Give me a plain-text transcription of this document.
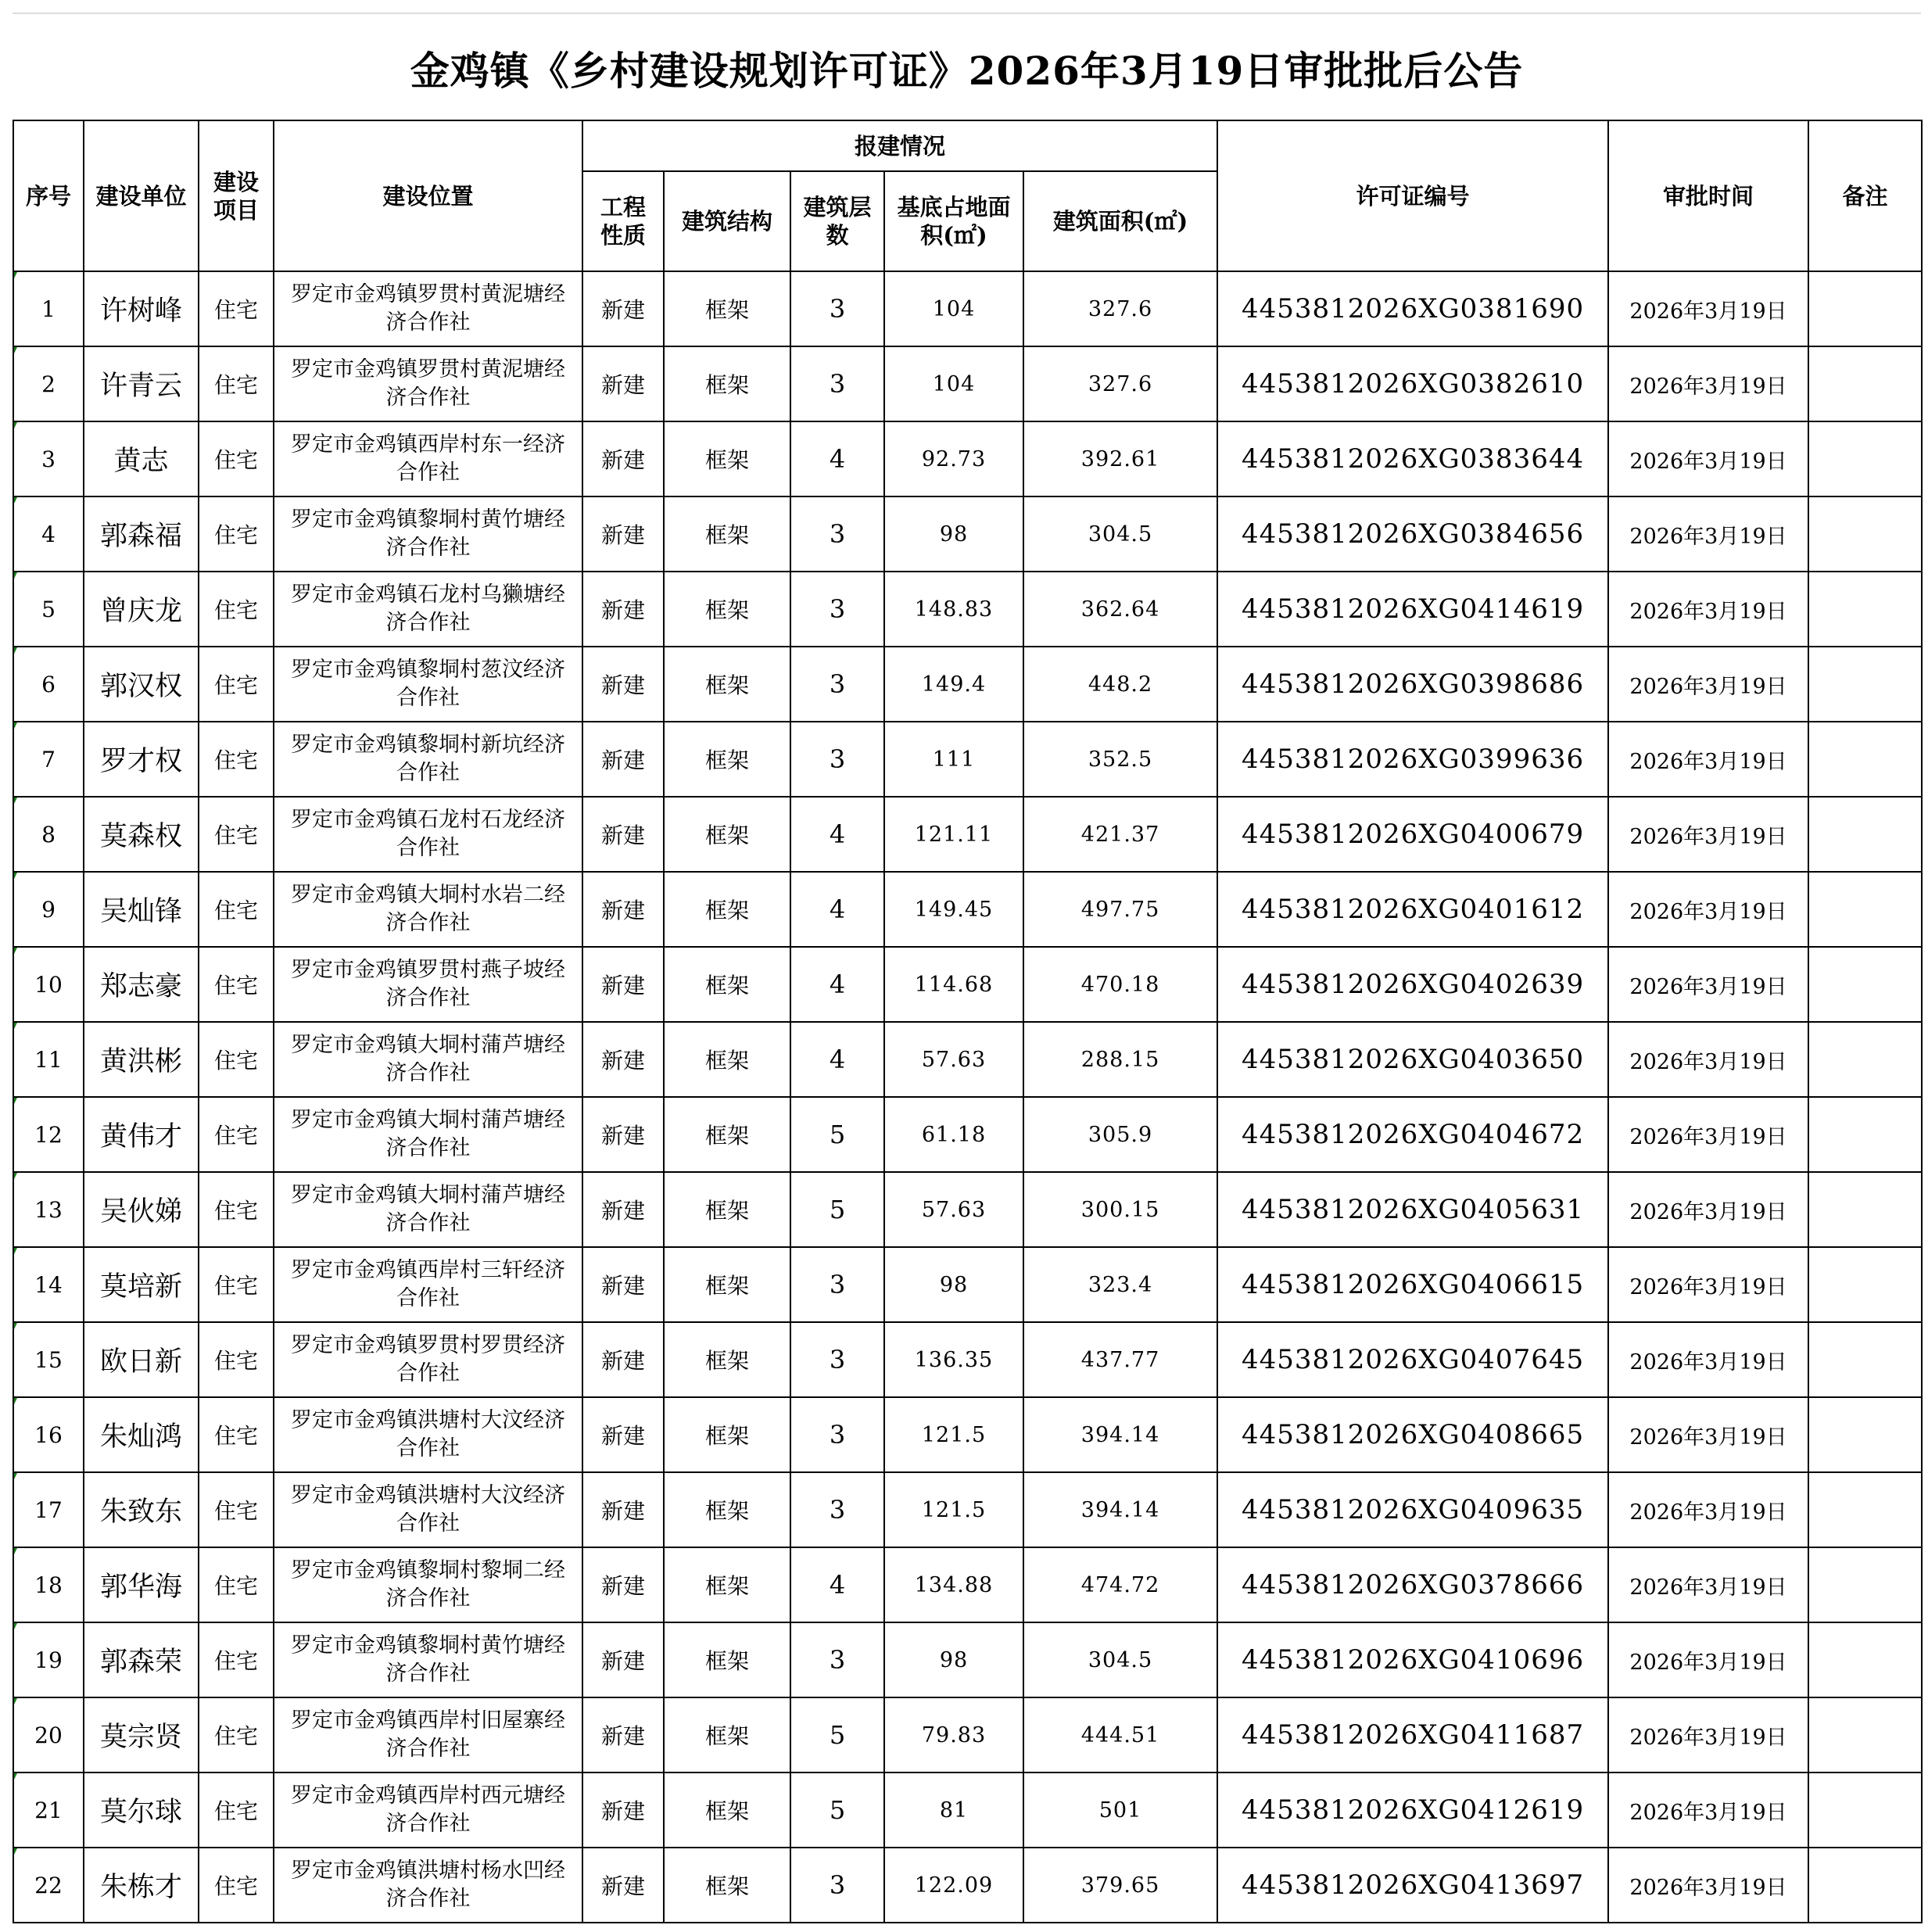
金鸡镇《乡村建设规划许可证》2026年3月19日审批批后公告
序号	建设单位	建设项目	建设位置	报建情况					许可证编号	审批时间	备注
				工程性质	建筑结构	建筑层数	基底占地面积(㎡)	建筑面积(㎡)			
1	许树峰	住宅	罗定市金鸡镇罗贯村黄泥塘经济合作社	新建	框架	3	104	327.6	4453812026XG0381690	2026年3月19日	
2	许青云	住宅	罗定市金鸡镇罗贯村黄泥塘经济合作社	新建	框架	3	104	327.6	4453812026XG0382610	2026年3月19日	
3	黄志	住宅	罗定市金鸡镇西岸村东一经济合作社	新建	框架	4	92.73	392.61	4453812026XG0383644	2026年3月19日	
4	郭森福	住宅	罗定市金鸡镇黎垌村黄竹塘经济合作社	新建	框架	3	98	304.5	4453812026XG0384656	2026年3月19日	
5	曾庆龙	住宅	罗定市金鸡镇石龙村乌獭塘经济合作社	新建	框架	3	148.83	362.64	4453812026XG0414619	2026年3月19日	
6	郭汉权	住宅	罗定市金鸡镇黎垌村䓤汶经济合作社	新建	框架	3	149.4	448.2	4453812026XG0398686	2026年3月19日	
7	罗才权	住宅	罗定市金鸡镇黎垌村新坑经济合作社	新建	框架	3	111	352.5	4453812026XG0399636	2026年3月19日	
8	莫森权	住宅	罗定市金鸡镇石龙村石龙经济合作社	新建	框架	4	121.11	421.37	4453812026XG0400679	2026年3月19日	
9	吴灿锋	住宅	罗定市金鸡镇大垌村水岩二经济合作社	新建	框架	4	149.45	497.75	4453812026XG0401612	2026年3月19日	
10	郑志豪	住宅	罗定市金鸡镇罗贯村燕子坡经济合作社	新建	框架	4	114.68	470.18	4453812026XG0402639	2026年3月19日	
11	黄洪彬	住宅	罗定市金鸡镇大垌村蒲芦塘经济合作社	新建	框架	4	57.63	288.15	4453812026XG0403650	2026年3月19日	
12	黄伟才	住宅	罗定市金鸡镇大垌村蒲芦塘经济合作社	新建	框架	5	61.18	305.9	4453812026XG0404672	2026年3月19日	
13	吴伙娣	住宅	罗定市金鸡镇大垌村蒲芦塘经济合作社	新建	框架	5	57.63	300.15	4453812026XG0405631	2026年3月19日	
14	莫培新	住宅	罗定市金鸡镇西岸村三轩经济合作社	新建	框架	3	98	323.4	4453812026XG0406615	2026年3月19日	
15	欧日新	住宅	罗定市金鸡镇罗贯村罗贯经济合作社	新建	框架	3	136.35	437.77	4453812026XG0407645	2026年3月19日	
16	朱灿鸿	住宅	罗定市金鸡镇洪塘村大汶经济合作社	新建	框架	3	121.5	394.14	4453812026XG0408665	2026年3月19日	
17	朱致东	住宅	罗定市金鸡镇洪塘村大汶经济合作社	新建	框架	3	121.5	394.14	4453812026XG0409635	2026年3月19日	
18	郭华海	住宅	罗定市金鸡镇黎垌村黎垌二经济合作社	新建	框架	4	134.88	474.72	4453812026XG0378666	2026年3月19日	
19	郭森荣	住宅	罗定市金鸡镇黎垌村黄竹塘经济合作社	新建	框架	3	98	304.5	4453812026XG0410696	2026年3月19日	
20	莫宗贤	住宅	罗定市金鸡镇西岸村旧屋寨经济合作社	新建	框架	5	79.83	444.51	4453812026XG0411687	2026年3月19日	
21	莫尔球	住宅	罗定市金鸡镇西岸村西元塘经济合作社	新建	框架	5	81	501	4453812026XG0412619	2026年3月19日	
22	朱栋才	住宅	罗定市金鸡镇洪塘村杨水凹经济合作社	新建	框架	3	122.09	379.65	4453812026XG0413697	2026年3月19日	
